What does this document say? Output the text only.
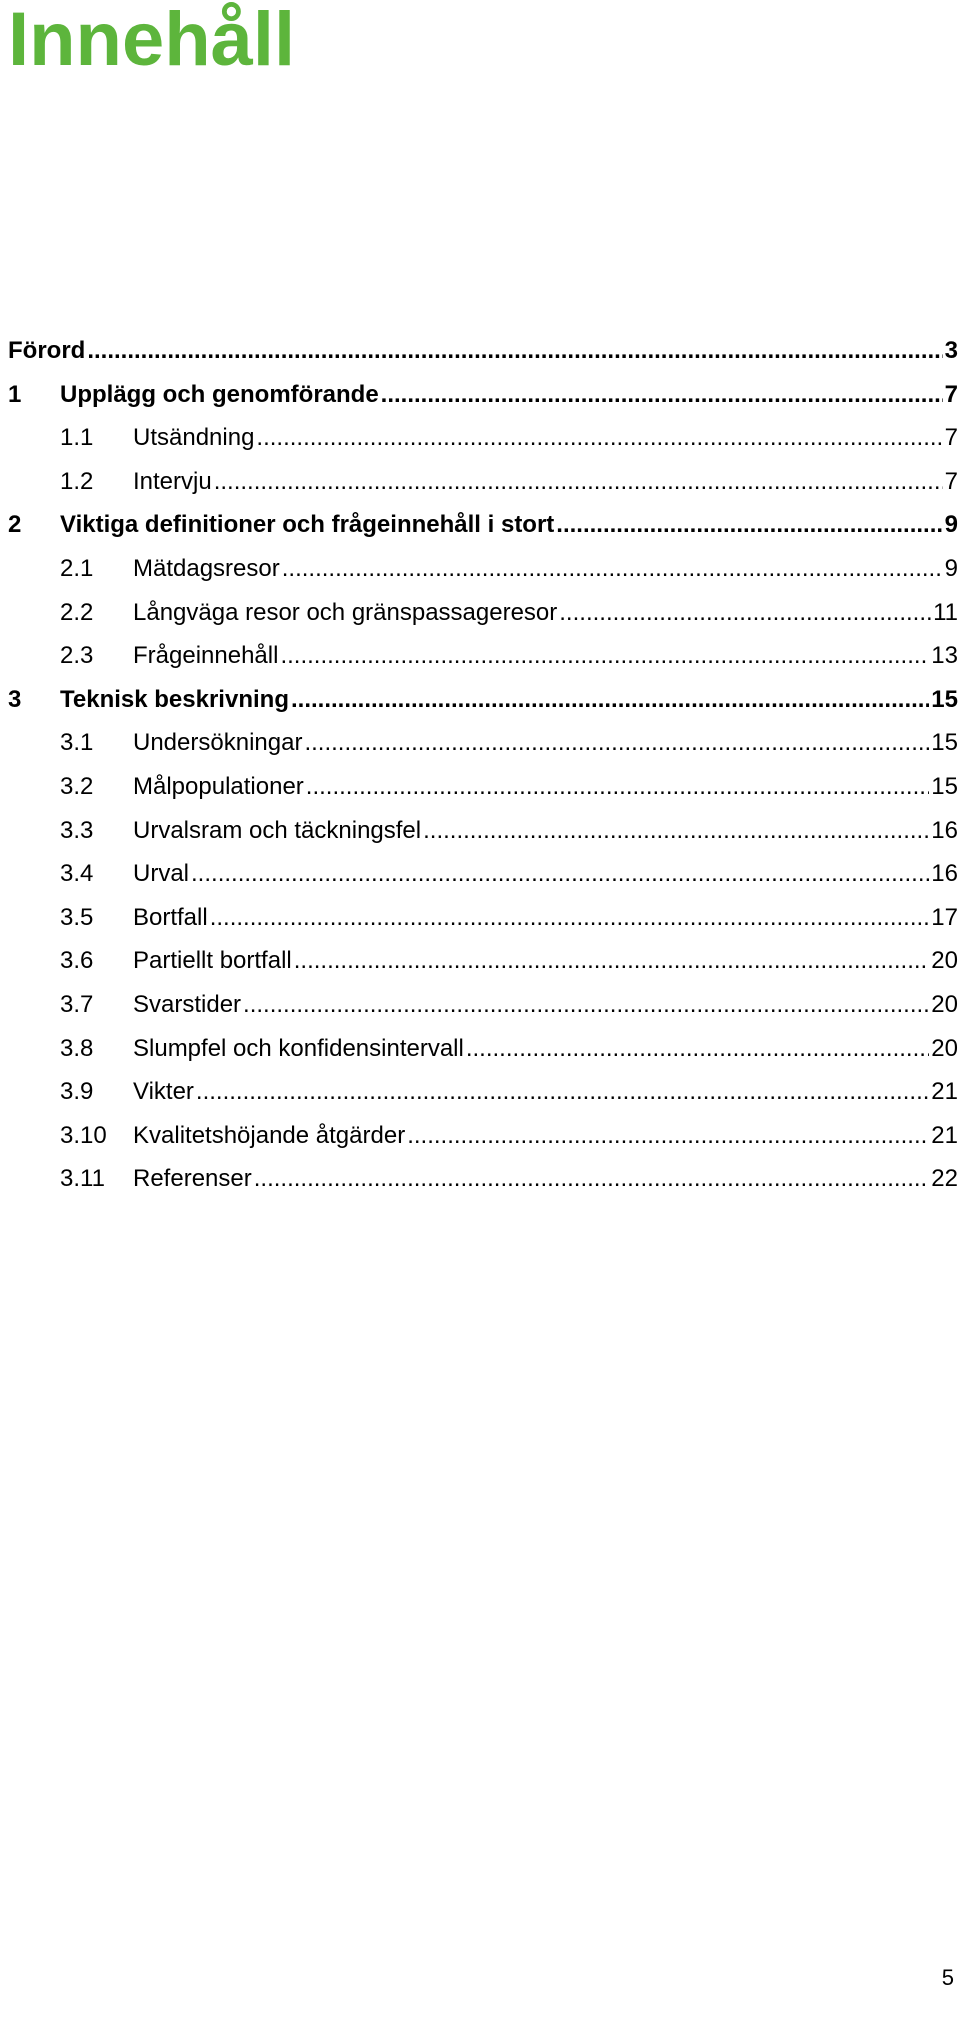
Innehåll
Förord .....	3
1	Upplägg och genomförande .....	7
1.1	Utsändning .....	7
1.2	Intervju .....	7
2	Viktiga definitioner och frågeinnehåll i stort .....	9
2.1	Mätdagsresor .....	9
2.2	Långväga resor och gränspassageresor .....	11
2.3	Frågeinnehåll .....	13
3	Teknisk beskrivning .....	15
3.1	Undersökningar .....	15
3.2	Målpopulationer .....	15
3.3	Urvalsram och täckningsfel .....	16
3.4	Urval .....	16
3.5	Bortfall .....	17
3.6	Partiellt bortfall .....	20
3.7	Svarstider .....	20
3.8	Slumpfel och konfidensintervall .....	20
3.9	Vikter .....	21
3.10	Kvalitetshöjande åtgärder .....	21
3.11	Referenser .....	22
5
